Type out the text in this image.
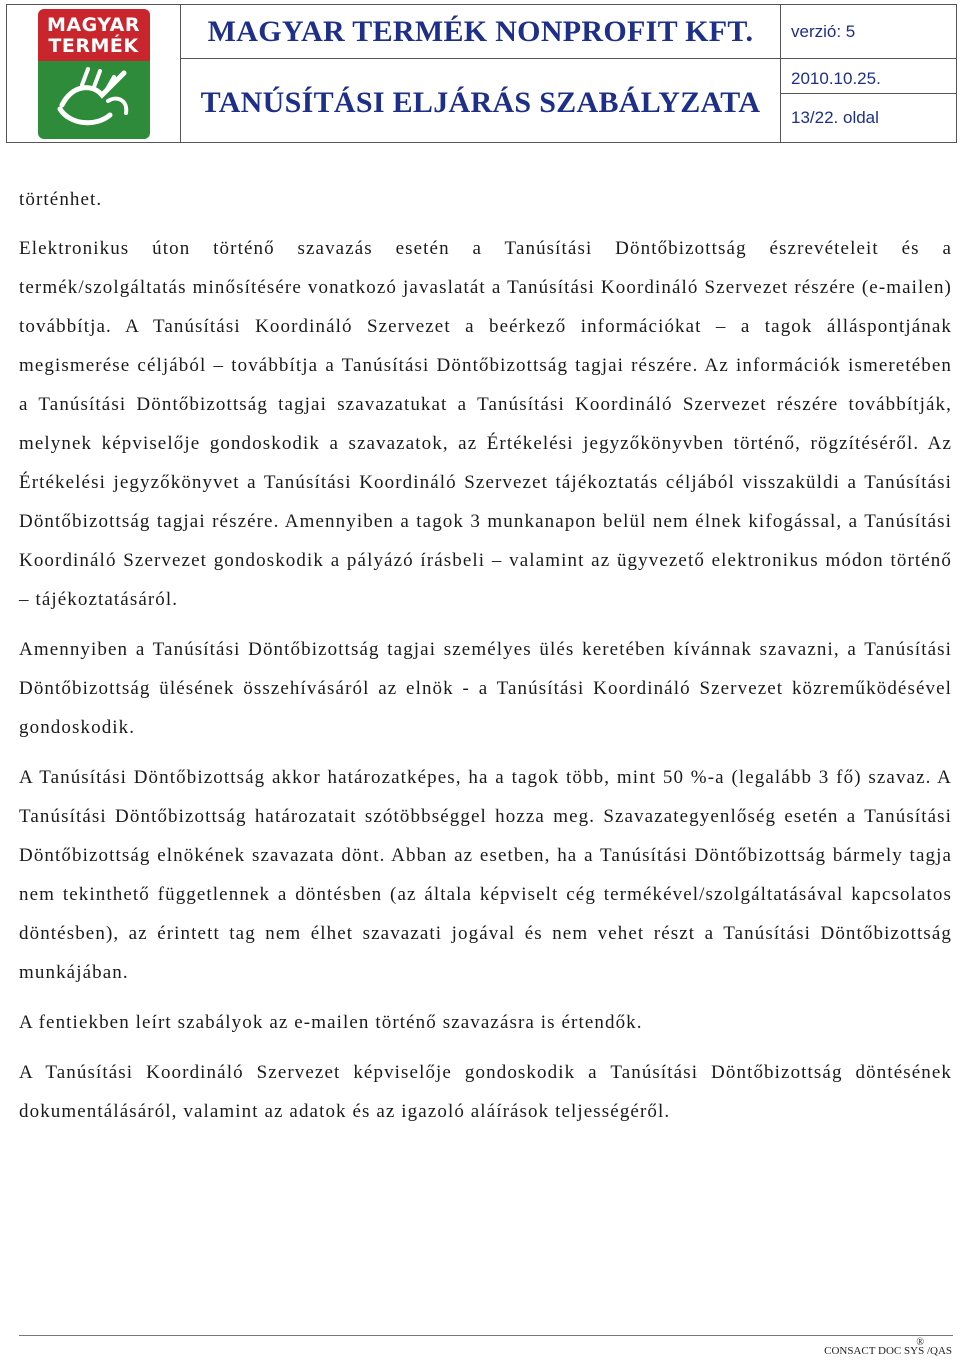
MAGYAR
TERMÉK	MAGYAR TERMÉK NONPROFIT KFT.
TANÚSÍTÁSI ELJÁRÁS SZABÁLYZATA
verzió: 5
2010.10.25.
13/22. oldal

történhet.

Elektronikus úton történő szavazás esetén a Tanúsítási Döntőbizottság észrevételeit és a termék/szolgáltatás minősítésére vonatkozó javaslatát a Tanúsítási Koordináló Szervezet részére (e-mailen) továbbítja. A Tanúsítási Koordináló Szervezet a beérkező információkat – a tagok álláspontjának megismerése céljából – továbbítja a Tanúsítási Döntőbizottság tagjai részére. Az információk ismeretében a Tanúsítási Döntőbizottság tagjai szavazatukat a Tanúsítási Koordináló Szervezet részére továbbítják, melynek képviselője gondoskodik a szavazatok, az Értékelési jegyzőkönyvben történő, rögzítéséről. Az Értékelési jegyzőkönyvet a Tanúsítási Koordináló Szervezet tájékoztatás céljából visszaküldi a Tanúsítási Döntőbizottság tagjai részére. Amennyiben a tagok 3 munkanapon belül nem élnek kifogással, a Tanúsítási Koordináló Szervezet gondoskodik a pályázó írásbeli – valamint az ügyvezető elektronikus módon történő – tájékoztatásáról.

Amennyiben a Tanúsítási Döntőbizottság tagjai személyes ülés keretében kívánnak szavazni, a Tanúsítási Döntőbizottság ülésének összehívásáról az elnök - a Tanúsítási Koordináló Szervezet közreműködésével gondoskodik.

A Tanúsítási Döntőbizottság akkor határozatképes, ha a tagok több, mint 50 %-a (legalább 3 fő) szavaz. A Tanúsítási Döntőbizottság határozatait szótöbbséggel hozza meg. Szavazategyenlőség esetén a Tanúsítási Döntőbizottság elnökének szavazata dönt. Abban az esetben, ha a Tanúsítási Döntőbizottság bármely tagja nem tekinthető függetlennek a döntésben (az általa képviselt cég termékével/szolgáltatásával kapcsolatos döntésben), az érintett tag nem élhet szavazati jogával és nem vehet részt a Tanúsítási Döntőbizottság munkájában.

A fentiekben leírt szabályok az e-mailen történő szavazásra is értendők.

A Tanúsítási Koordináló Szervezet képviselője gondoskodik a Tanúsítási Döntőbizottság döntésének dokumentálásáról, valamint az adatok és az igazoló aláírások teljességéről.

®
CONSACT DOC SYS /QAS
